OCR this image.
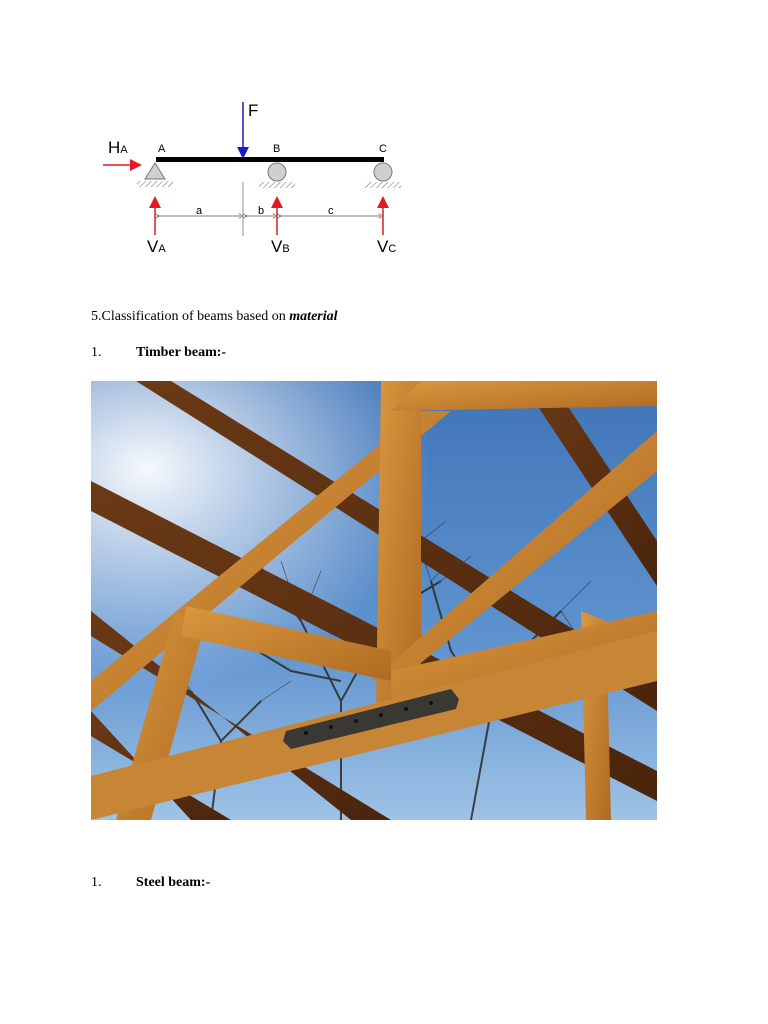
F
HA	A	B	C
a	b	c
VA	VB	VC
5.Classification of beams based on material
1. Timber beam:-
1. Steel beam:-
